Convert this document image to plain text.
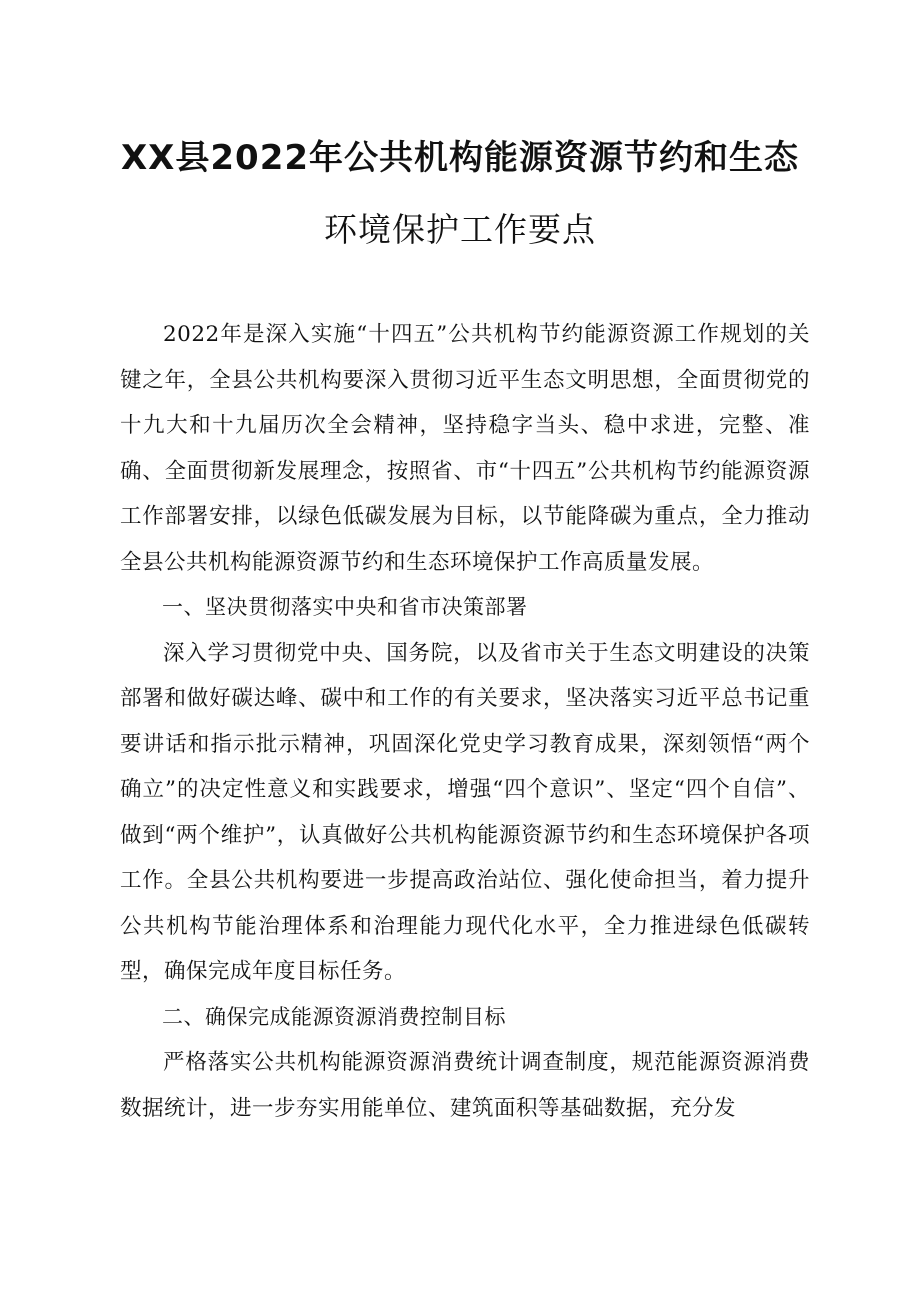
XX县2022年公共机构能源资源节约和生态
环境保护工作要点

2022年是深入实施“十四五”公共机构节约能源资源工作规划的关键之年，全县公共机构要深入贯彻习近平生态文明思想，全面贯彻党的十九大和十九届历次全会精神，坚持稳字当头、稳中求进，完整、准确、全面贯彻新发展理念，按照省、市“十四五”公共机构节约能源资源工作部署安排，以绿色低碳发展为目标，以节能降碳为重点，全力推动全县公共机构能源资源节约和生态环境保护工作高质量发展。

一、坚决贯彻落实中央和省市决策部署

深入学习贯彻党中央、国务院，以及省市关于生态文明建设的决策部署和做好碳达峰、碳中和工作的有关要求，坚决落实习近平总书记重要讲话和指示批示精神，巩固深化党史学习教育成果，深刻领悟“两个确立”的决定性意义和实践要求，增强“四个意识”、坚定“四个自信”、做到“两个维护”，认真做好公共机构能源资源节约和生态环境保护各项工作。全县公共机构要进一步提高政治站位、强化使命担当，着力提升公共机构节能治理体系和治理能力现代化水平，全力推进绿色低碳转型，确保完成年度目标任务。

二、确保完成能源资源消费控制目标

严格落实公共机构能源资源消费统计调查制度，规范能源资源消费数据统计，进一步夯实用能单位、建筑面积等基础数据，充分发
